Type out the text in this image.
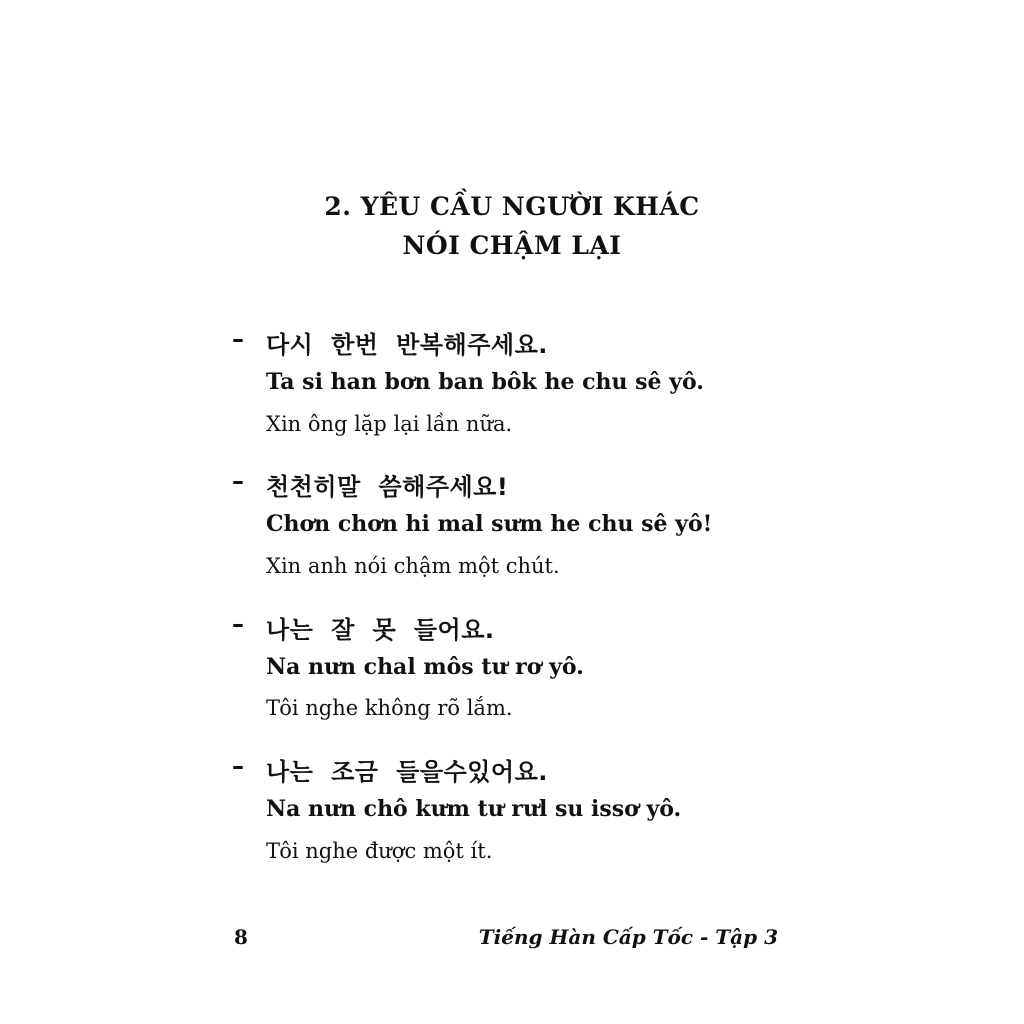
2. YÊU CẦU NGƯỜI KHÁC
NÓI CHẬM LẠI
– 다시  한번  반복해주세요.
Ta si han bơn ban bôk he chu sê yô.
Xin ông lặp lại lần nữa.
– 천천히말  씀해주세요!
Chơn chơn hi mal sưm he chu sê yô!
Xin anh nói chậm một chút.
– 나는  잘  못  들어요.
Na nưn chal môs tư rơ yô.
Tôi nghe không rõ lắm.
– 나는  조금  들을수있어요.
Na nưn chô kưm tư rưl su issơ yô.
Tôi nghe được một ít.
8	Tiếng Hàn Cấp Tốc - Tập 3
